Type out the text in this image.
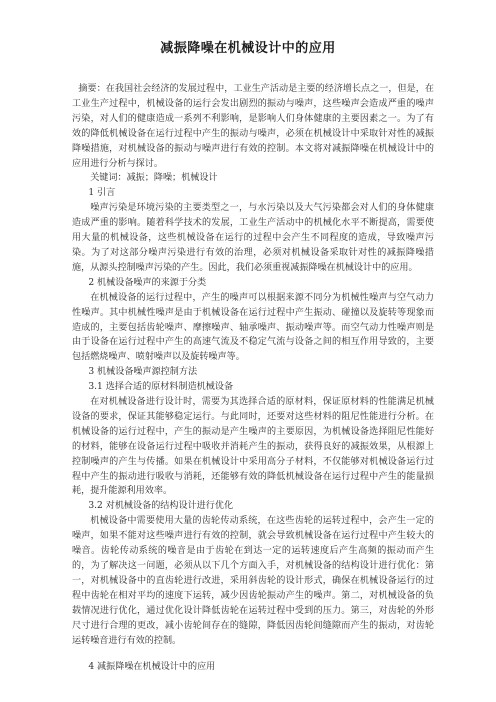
减振降噪在机械设计中的应用

摘要：在我国社会经济的发展过程中，工业生产活动是主要的经济增长点之一，但是，在工业生产过程中，机械设备的运行会发出剧烈的振动与噪声，这些噪声会造成严重的噪声污染，对人们的健康造成一系列不利影响，是影响人们身体健康的主要因素之一。为了有效的降低机械设备在运行过程中产生的振动与噪声，必须在机械设计中采取针对性的减振降噪措施，对机械设备的振动与噪声进行有效的控制。本文将对减振降噪在机械设计中的应用进行分析与探讨。

关键词：减振；降噪；机械设计

1 引言

噪声污染是环境污染的主要类型之一，与水污染以及大气污染都会对人们的身体健康造成严重的影响。随着科学技术的发展，工业生产活动中的机械化水平不断提高，需要使用大量的机械设备，这些机械设备在运行的过程中会产生不同程度的造成，导致噪声污染。为了对这部分噪声污染进行有效的治理，必须对机械设备采取针对性的减振降噪措施，从源头控制噪声污染的产生。因此，我们必须重视减振降噪在机械设计中的应用。

2 机械设备噪声的来源于分类

在机械设备的运行过程中，产生的噪声可以根据来源不同分为机械性噪声与空气动力性噪声。其中机械性噪声是由于机械设备在运行过程中产生振动、碰撞以及旋转等现象而造成的，主要包括齿轮噪声、摩擦噪声、轴承噪声、振动噪声等。而空气动力性噪声则是由于设备在运行过程中产生的高速气流及不稳定气流与设备之间的相互作用导致的，主要包括燃烧噪声、喷射噪声以及旋转噪声等。

3 机械设备噪声源控制方法
3.1 选择合适的原材料制造机械设备

在对机械设备进行设计时，需要为其选择合适的原材料，保证原材料的性能满足机械设备的要求，保证其能够稳定运行。与此同时，还要对这些材料的阻尼性能进行分析。在机械设备的运行过程中，产生的振动是产生噪声的主要原因，为机械设备选择阻尼性能好的材料，能够在设备运行过程中吸收并消耗产生的振动，获得良好的减振效果，从根源上控制噪声的产生与传播。如果在机械设计中采用高分子材料，不仅能够对机械设备运行过程中产生的振动进行吸收与消耗，还能够有效的降低机械设备在运行过程中产生的能量损耗，提升能源利用效率。

3.2 对机械设备的结构设计进行优化

机械设备中需要使用大量的齿轮传动系统，在这些齿轮的运转过程中，会产生一定的噪声，如果不能对这些噪声进行有效的控制，就会导致机械设备在运行过程中产生较大的噪音。齿轮传动系统的噪音是由于齿轮在到达一定的运转速度后产生高频的振动而产生的，为了解决这一问题，必须从以下几个方面入手，对机械设备的结构设计进行优化：第一，对机械设备中的直齿轮进行改进，采用斜齿轮的设计形式，确保在机械设备运行的过程中齿轮在相对平均的速度下运转，减少因齿轮振动产生的噪声。第二，对机械设备的负载情况进行优化，通过优化设计降低齿轮在运转过程中受到的压力。第三，对齿轮的外形尺寸进行合理的更改，减小齿轮间存在的缝隙，降低因齿轮间缝隙而产生的振动，对齿轮运转噪音进行有效的控制。

4 减振降噪在机械设计中的应用
